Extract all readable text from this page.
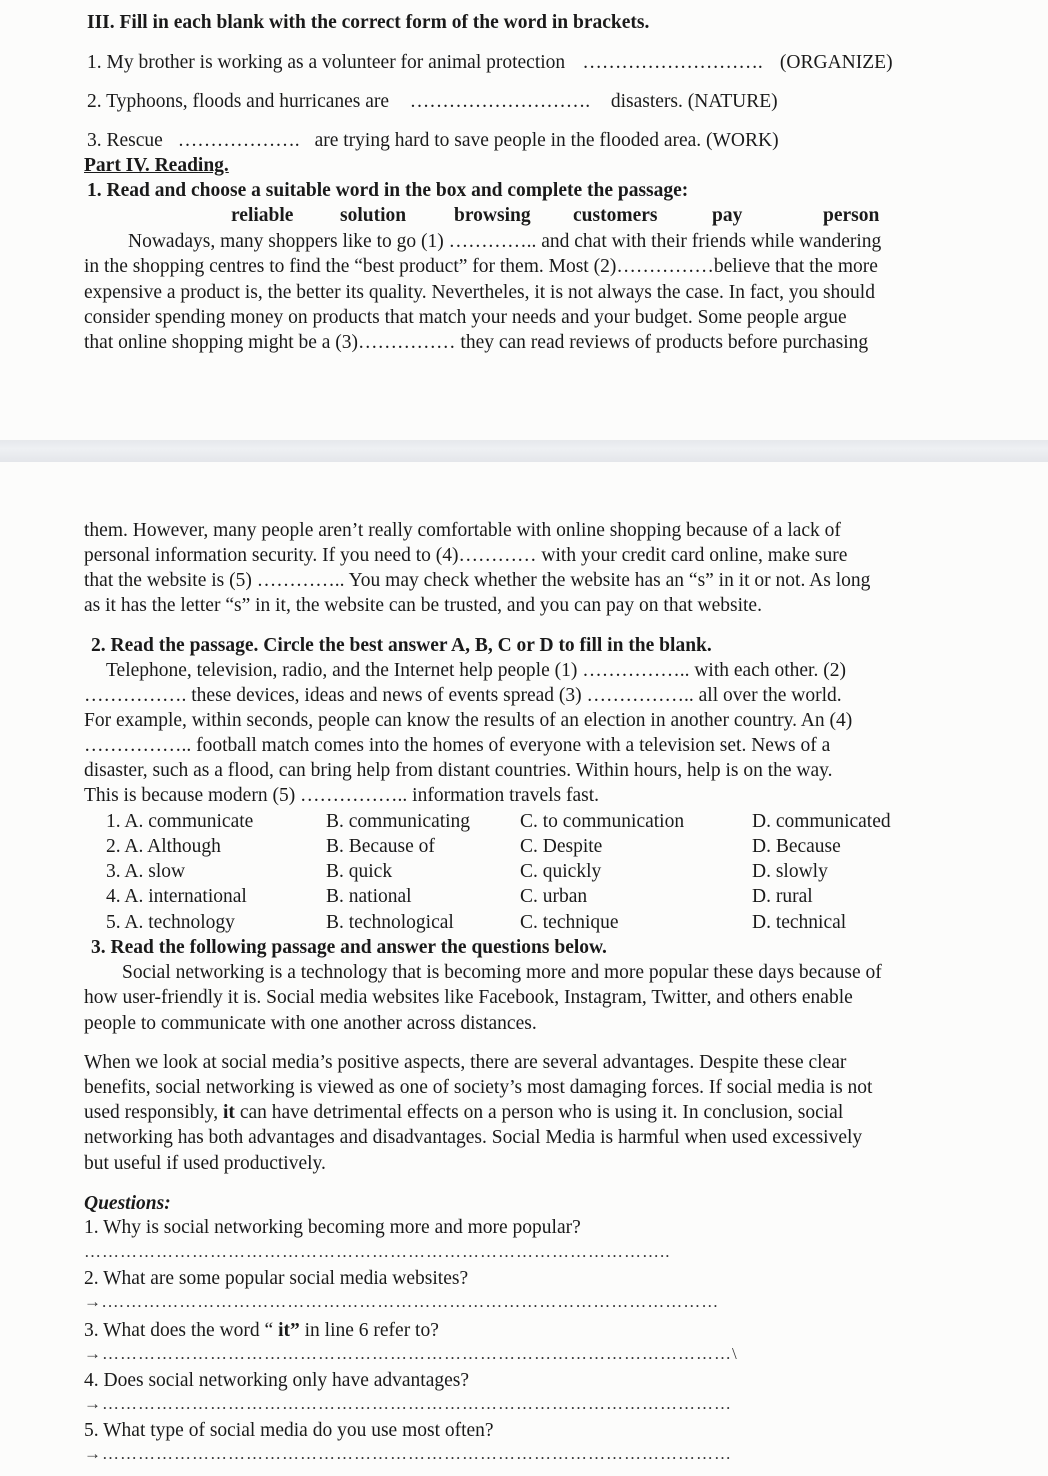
III. Fill in each blank with the correct form of the word in brackets.
1. My brother is working as a volunteer for animal protection ………………………. (ORGANIZE)
2. Typhoons, floods and hurricanes are ………………………. disasters. (NATURE)
3. Rescue ………………. are trying hard to save people in the flooded area. (WORK)
Part IV. Reading.
1. Read and choose a suitable word in the box and complete the passage:
reliable solution browsing customers	pay	person
Nowadays, many shoppers like to go (1) ………….. and chat with their friends while wandering
in the shopping centres to find the “best product” for them. Most (2)……………believe that the more
expensive a product is, the better its quality. Nevertheles, it is not always the case. In fact, you should
consider spending money on products that match your needs and your budget. Some people argue
that online shopping might be a (3)…………… they can read reviews of products before purchasing
them. However, many people aren’t really comfortable with online shopping because of a lack of
personal information security. If you need to (4)………… with your credit card online, make sure
that the website is (5) ………….. You may check whether the website has an “s” in it or not. As long
as it has the letter “s” in it, the website can be trusted, and you can pay on that website.
2. Read the passage. Circle the best answer A, B, C or D to fill in the blank.
Telephone, television, radio, and the Internet help people (1) …………….. with each other. (2)
……………. these devices, ideas and news of events spread (3) …………….. all over the world.
For example, within seconds, people can know the results of an election in another country. An (4)
…………….. football match comes into the homes of everyone with a television set. News of a
disaster, such as a flood, can bring help from distant countries. Within hours, help is on the way.
This is because modern (5) …………….. information travels fast.
1. A. communicate	B. communicating	C. to communication	D. communicated
2. A. Although	B. Because of	C. Despite	D. Because
3. A. slow	B. quick	C. quickly	D. slowly
4. A. international	B. national	C. urban	D. rural
5. A. technology	B. technological	C. technique	D. technical
3. Read the following passage and answer the questions below.
Social networking is a technology that is becoming more and more popular these days because of
how user-friendly it is. Social media websites like Facebook, Instagram, Twitter, and others enable
people to communicate with one another across distances.
When we look at social media’s positive aspects, there are several advantages. Despite these clear
benefits, social networking is viewed as one of society’s most damaging forces. If social media is not
used responsibly, it can have detrimental effects on a person who is using it. In conclusion, social
networking has both advantages and disadvantages. Social Media is harmful when used excessively
but useful if used productively.
Questions:
1. Why is social networking becoming more and more popular?
……………………………………………………………………………………..
2. What are some popular social media websites?
→.…………………………………………………………………………………………
3. What does the word “ it” in line 6 refer to?
→……………………………………………………………………………………………\
4. Does social networking only have advantages?
→……………………………………………………………………………………………
5. What type of social media do you use most often?
→……………………………………………………………………………………………
